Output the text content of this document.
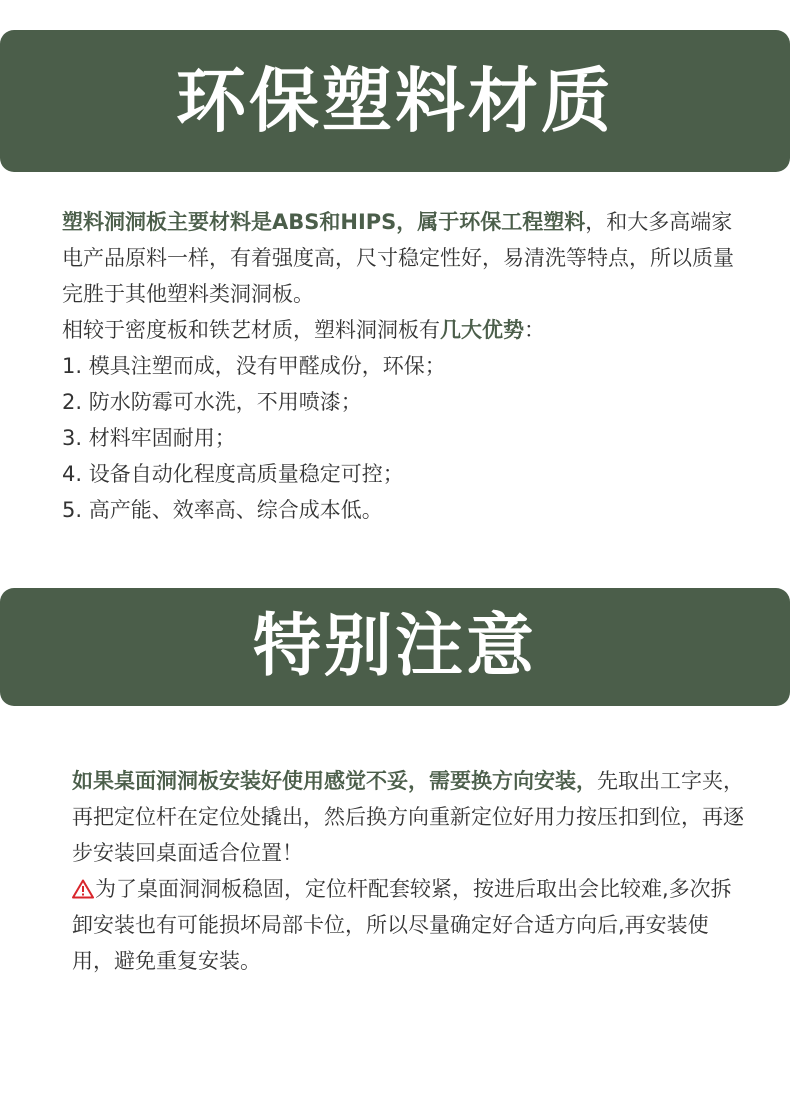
环保塑料材质

塑料洞洞板主要材料是ABS和HIPS，属于环保工程塑料，和大多高端家电产品原料一样，有着强度高，尺寸稳定性好，易清洗等特点，所以质量完胜于其他塑料类洞洞板。

相较于密度板和铁艺材质，塑料洞洞板有几大优势：

1. 模具注塑而成，没有甲醛成份，环保；
2. 防水防霉可水洗，不用喷漆；
3. 材料牢固耐用；
4. 设备自动化程度高质量稳定可控；
5. 高产能、效率高、综合成本低。
特别注意

如果桌面洞洞板安装好使用感觉不妥，需要换方向安装，先取出工字夹，再把定位杆在定位处撬出，然后换方向重新定位好用力按压扣到位，再逐步安装回桌面适合位置！

为了桌面洞洞板稳固，定位杆配套较紧，按进后取出会比较难,多次拆卸安装也有可能损坏局部卡位，所以尽量确定好合适方向后,再安装使用，避免重复安装。
